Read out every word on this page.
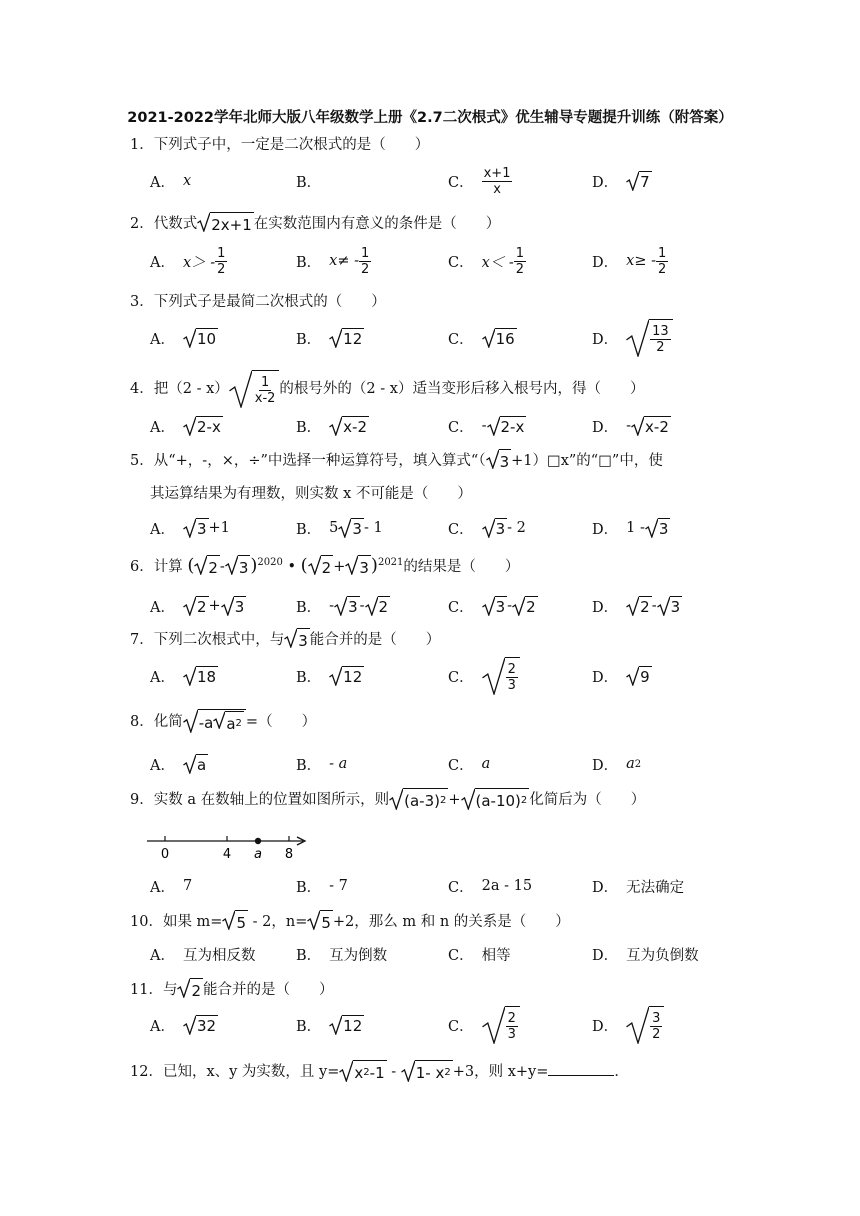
2021-2022学年北师大版八年级数学上册《2.7二次根式》优生辅导专题提升训练（附答案）
1．下列式子中，一定是二次根式的是（　　）
A． x	B．	C． $\frac{x+1}{x}$	D． 7
2．代数式 2x+1 在实数范围内有意义的条件是（　　）
A． $x> - \frac{1}{2}$	B． $x\ne - \frac{1}{2}$	C． $x< - \frac{1}{2}$	D． $x\ge - \frac{1}{2}$
3．下列式子是最简二次根式的（　　）
A． 10	B． 12	C． 16	D． $\frac{13}{2}$
4．把$(2 - x) \frac{1}{x-2}$ 的根号外的（2 - x）适当变形后移入根号内，得（　　）
A． 2-x	B． x-2	C． - 2-x	D． - x-2
5．从“+，-，×，÷”中选择一种运算符号，填入算式“（ 3 +1）□x”的“□”中，使
其运算结果为有理数，则实数 x 不可能是（　　）
A． 3 +1	B． 5 3 - 1	C． 3 - 2	D． 1 - 3
6．计算 ( 2 - 3 )$^{2020}$ • ( 2 + 3 )$^{2021}$的结果是（　　）
A． 2 + 3	B． - 3 - 2	C． 3 - 2	D． 2 - 3
7．下列二次根式中，与 3 能合并的是（　　）
A． 18	B． 12	C． $\frac{2}{3}$	D． 9
8．化简 -a a 2 =（　　）
A． a	B． - a	C． a	D． a 2
9．实数 a 在数轴上的位置如图所示，则 (a-3) 2 + (a-10) 2 化简后为（　　）
0	4 a 8
A． 7	B． - 7	C． 2a - 15	D． 无法确定
10．如果 m= 5 - 2，n= 5 +2，那么 m 和 n 的关系是（　　）
A． 互为相反数	B． 互为倒数	C． 相等	D． 互为负倒数
11．与 2 能合并的是（　　）
A． 32	B． 12	C． $\frac{2}{3}$	D． $\frac{3}{2}$
12．已知，x、y 为实数，且 y= x 2 -1 - 1- x 2 +3，则 x+y=	．
